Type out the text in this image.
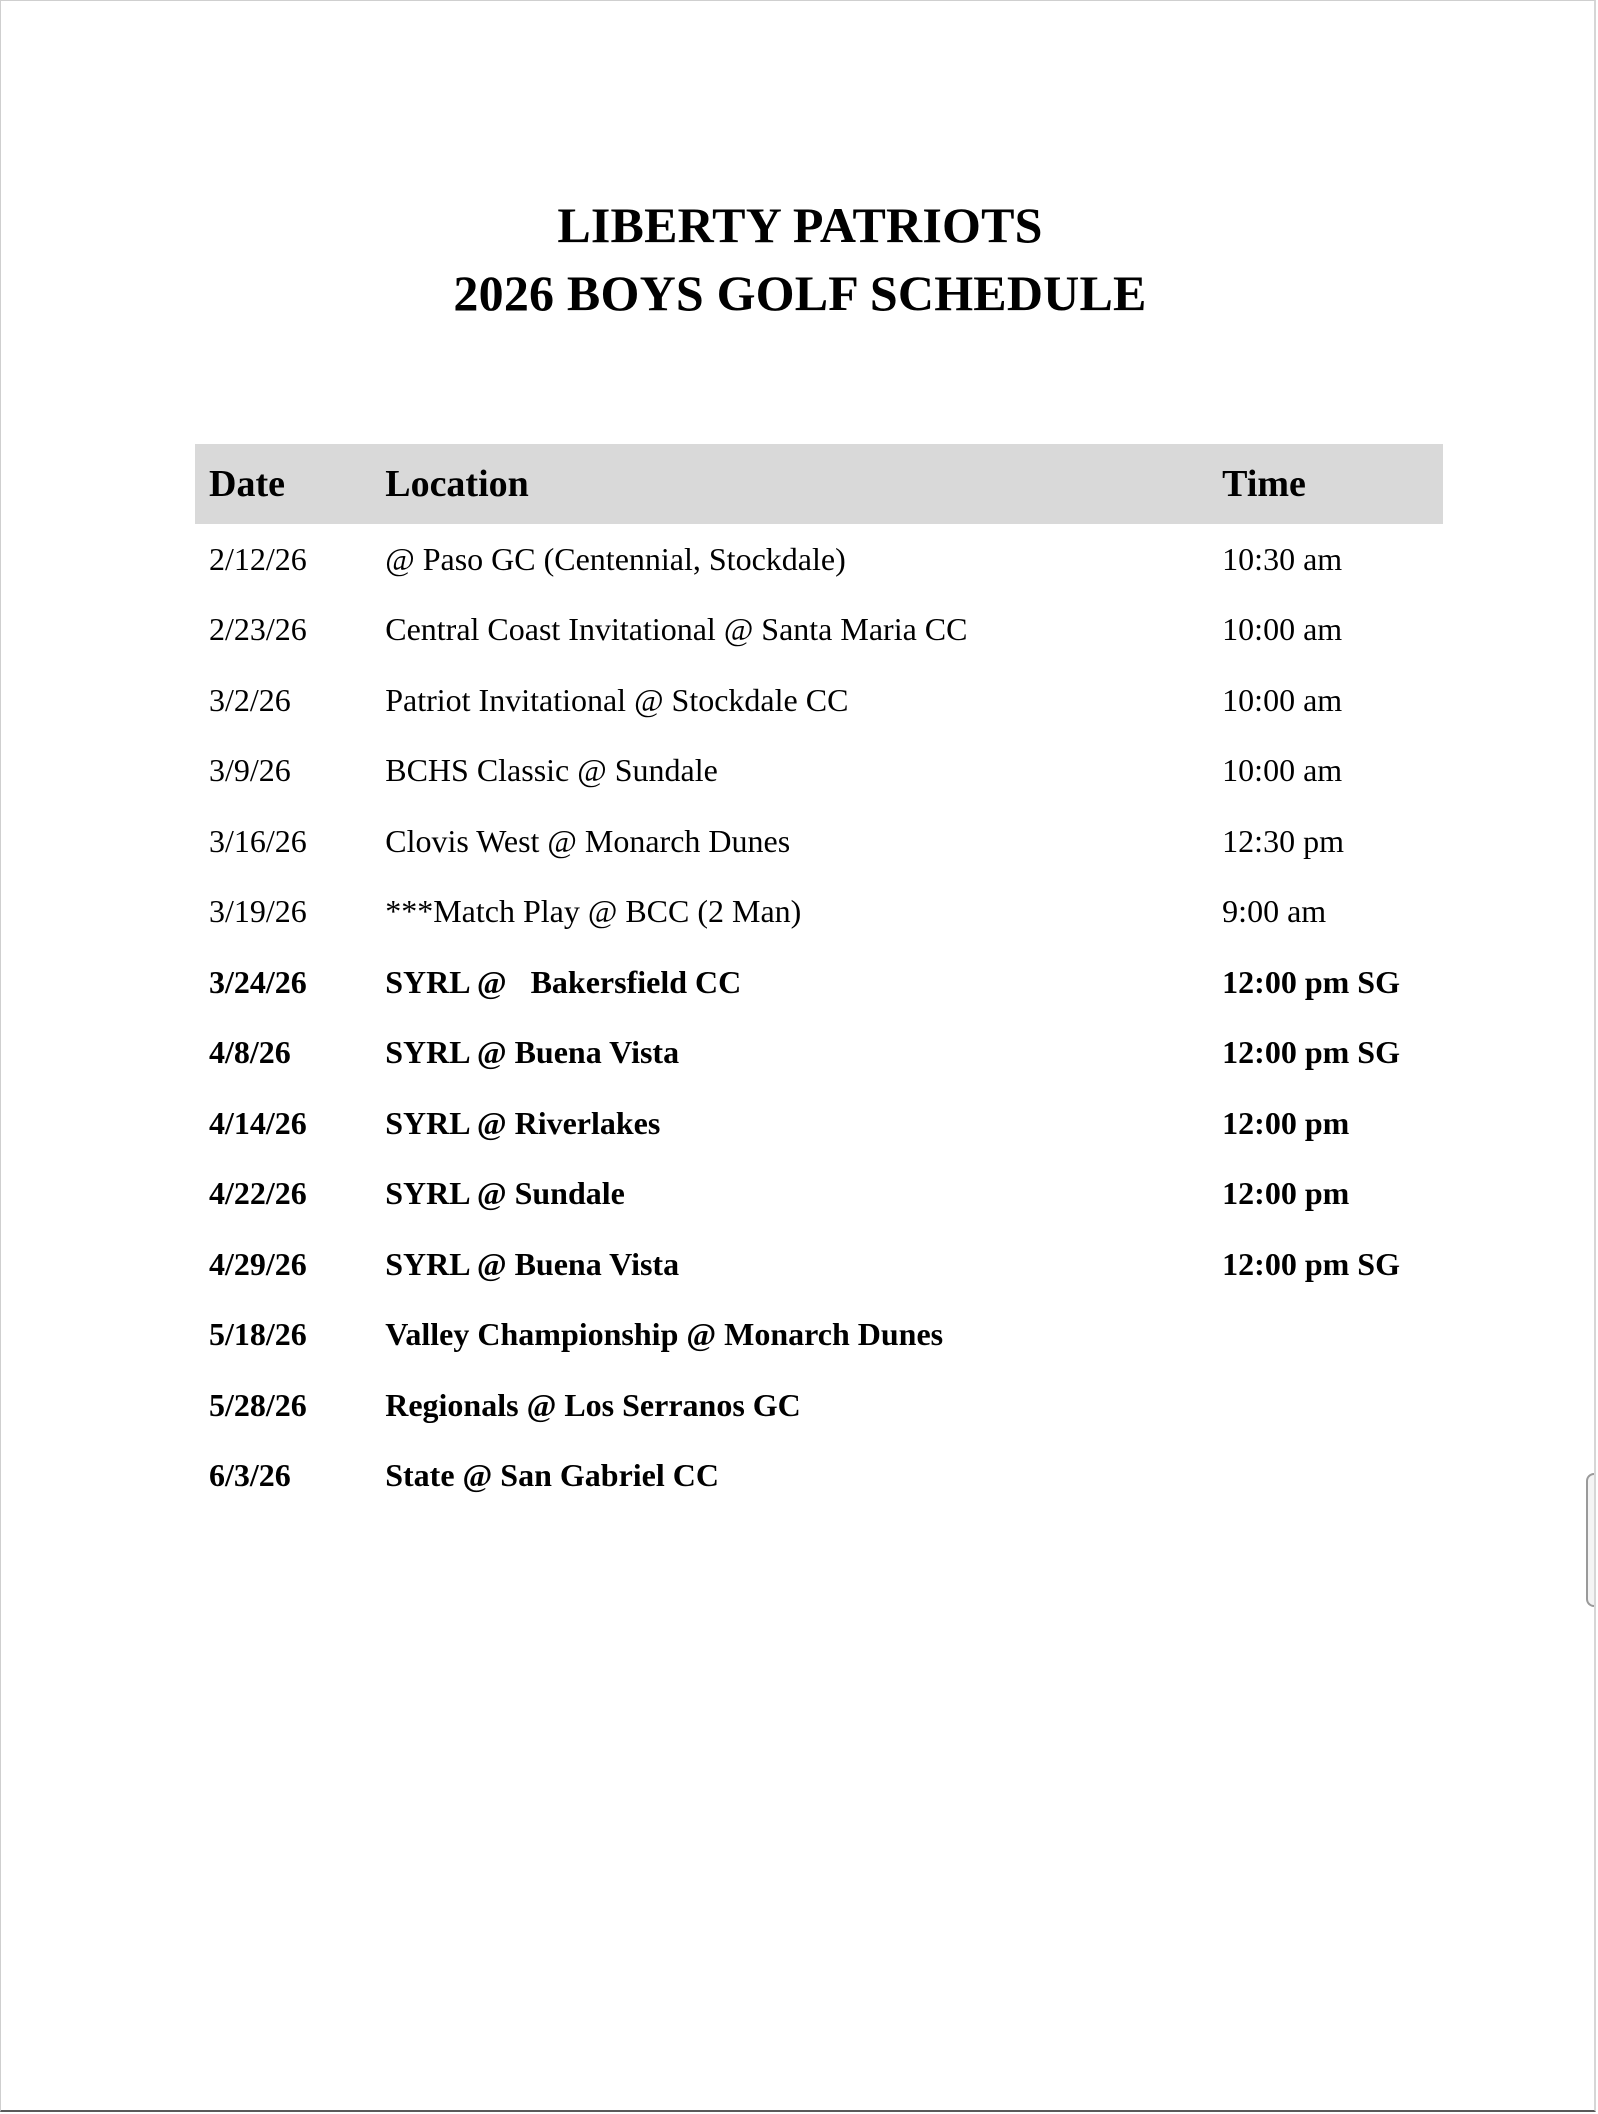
LIBERTY PATRIOTS

2026 BOYS GOLF SCHEDULE

Date	Location	Time
2/12/26	@ Paso GC (Centennial, Stockdale)	10:30 am
2/23/26	Central Coast Invitational @ Santa Maria CC	10:00 am
3/2/26	Patriot Invitational @ Stockdale CC	10:00 am
3/9/26	BCHS Classic @ Sundale	10:00 am
3/16/26	Clovis West @ Monarch Dunes	12:30 pm
3/19/26	***Match Play @ BCC (2 Man)	9:00 am
3/24/26	SYRL @   Bakersfield CC	12:00 pm SG
4/8/26	SYRL @ Buena Vista	12:00 pm SG
4/14/26	SYRL @ Riverlakes	12:00 pm
4/22/26	SYRL @ Sundale	12:00 pm
4/29/26	SYRL @ Buena Vista	12:00 pm SG
5/18/26	Valley Championship @ Monarch Dunes	
5/28/26	Regionals @ Los Serranos GC	
6/3/26	State @ San Gabriel CC	
